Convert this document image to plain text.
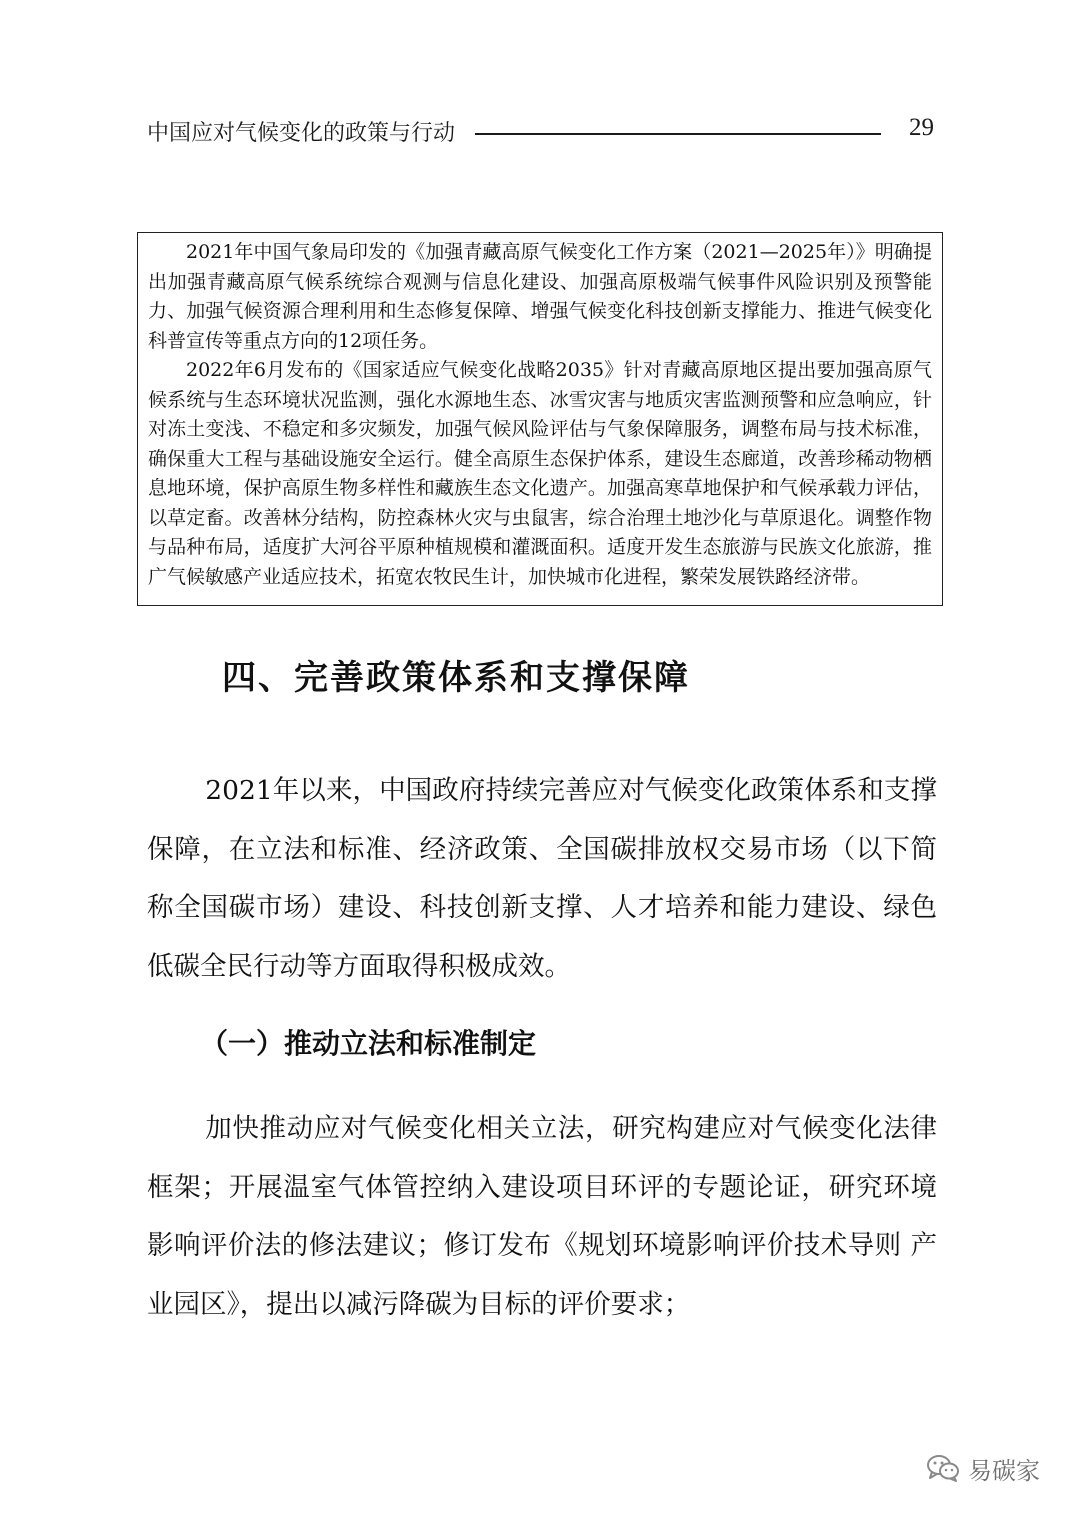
中国应对气候变化的政策与行动	29

2021年中国气象局印发的《加强青藏高原气候变化工作方案（2021—2025年）》明确提出加强青藏高原气候系统综合观测与信息化建设、加强高原极端气候事件风险识别及预警能力、加强气候资源合理利用和生态修复保障、增强气候变化科技创新支撑能力、推进气候变化科普宣传等重点方向的12项任务。

2022年6月发布的《国家适应气候变化战略2035》针对青藏高原地区提出要加强高原气候系统与生态环境状况监测，强化水源地生态、冰雪灾害与地质灾害监测预警和应急响应，针对冻土变浅、不稳定和多灾频发，加强气候风险评估与气象保障服务，调整布局与技术标准，确保重大工程与基础设施安全运行。健全高原生态保护体系，建设生态廊道，改善珍稀动物栖息地环境，保护高原生物多样性和藏族生态文化遗产。加强高寒草地保护和气候承载力评估，以草定畜。改善林分结构，防控森林火灾与虫鼠害，综合治理土地沙化与草原退化。调整作物与品种布局，适度扩大河谷平原种植规模和灌溉面积。适度开发生态旅游与民族文化旅游，推广气候敏感产业适应技术，拓宽农牧民生计，加快城市化进程，繁荣发展铁路经济带。

四、完善政策体系和支撑保障

2021年以来，中国政府持续完善应对气候变化政策体系和支撑保障，在立法和标准、经济政策、全国碳排放权交易市场（以下简称全国碳市场）建设、科技创新支撑、人才培养和能力建设、绿色低碳全民行动等方面取得积极成效。

（一）推动立法和标准制定

加快推动应对气候变化相关立法，研究构建应对气候变化法律框架；开展温室气体管控纳入建设项目环评的专题论证，研究环境影响评价法的修法建议；修订发布《规划环境影响评价技术导则 产业园区》，提出以减污降碳为目标的评价要求；

易碳家
